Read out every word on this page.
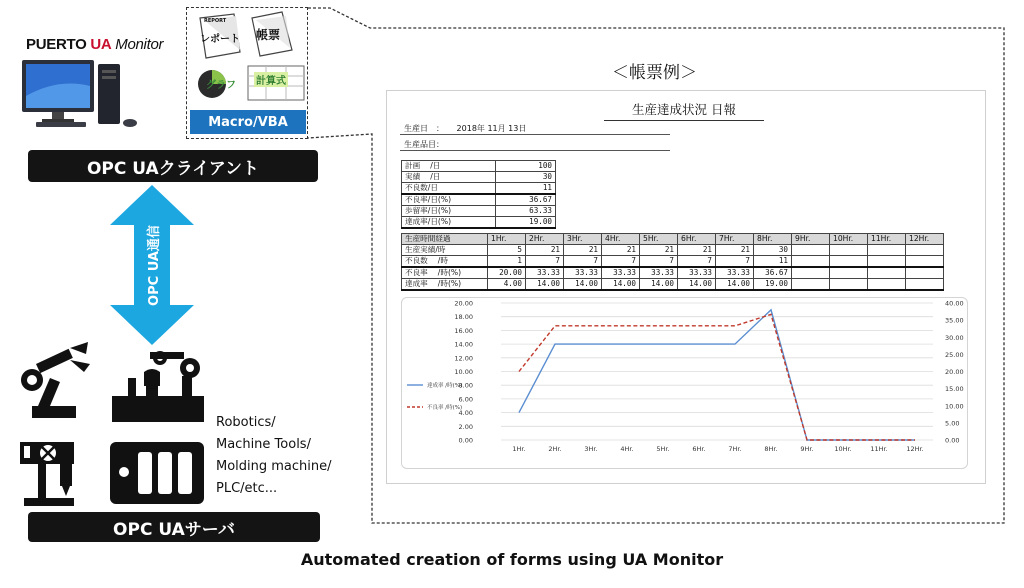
PUERTO UA Monitor
OPC UAクライアント
OPC UA通信
Robotics/
Machine Tools/
Molding machine/
PLC/etc...
OPC UAサーバ
REPORT
レポート 帳票
グラフ 計算式
Macro/VBA
＜帳票例＞
生産達成状況 日報
生産日　： 2018年 11月 13日
生産品目：
計画 　/日	100
実績 　/日	30
不良数/日	11
不良率/日(%)	36.67
歩留率/日(%)	63.33
達成率/日(%)	19.00
生産時間経過	1Hr.	2Hr.	3Hr.	4Hr.	5Hr.	6Hr.	7Hr.	8Hr.	9Hr.	10Hr.	11Hr.	12Hr.
生産実績/時	5	21	21	21	21	21	21	30				
不良数 　/時	1	7	7	7	7	7	7	11				
不良率 　/時(%)	20.00	33.33	33.33	33.33	33.33	33.33	33.33	36.67				
達成率 　/時(%)	4.00	14.00	14.00	14.00	14.00	14.00	14.00	19.00				
0.00
2.00
4.00
6.00
8.00
10.00
12.00
14.00
16.00
18.00
20.00
0.00
5.00
10.00
15.00
20.00
25.00
30.00
35.00
40.00
1Hr.	2Hr.	3Hr.	4Hr.	5Hr.	6Hr.	7Hr.	8Hr.	9Hr.	10Hr.	11Hr.	12Hr.
達成率 /時(%)
不良率 /時(%)
Automated creation of forms using UA Monitor
